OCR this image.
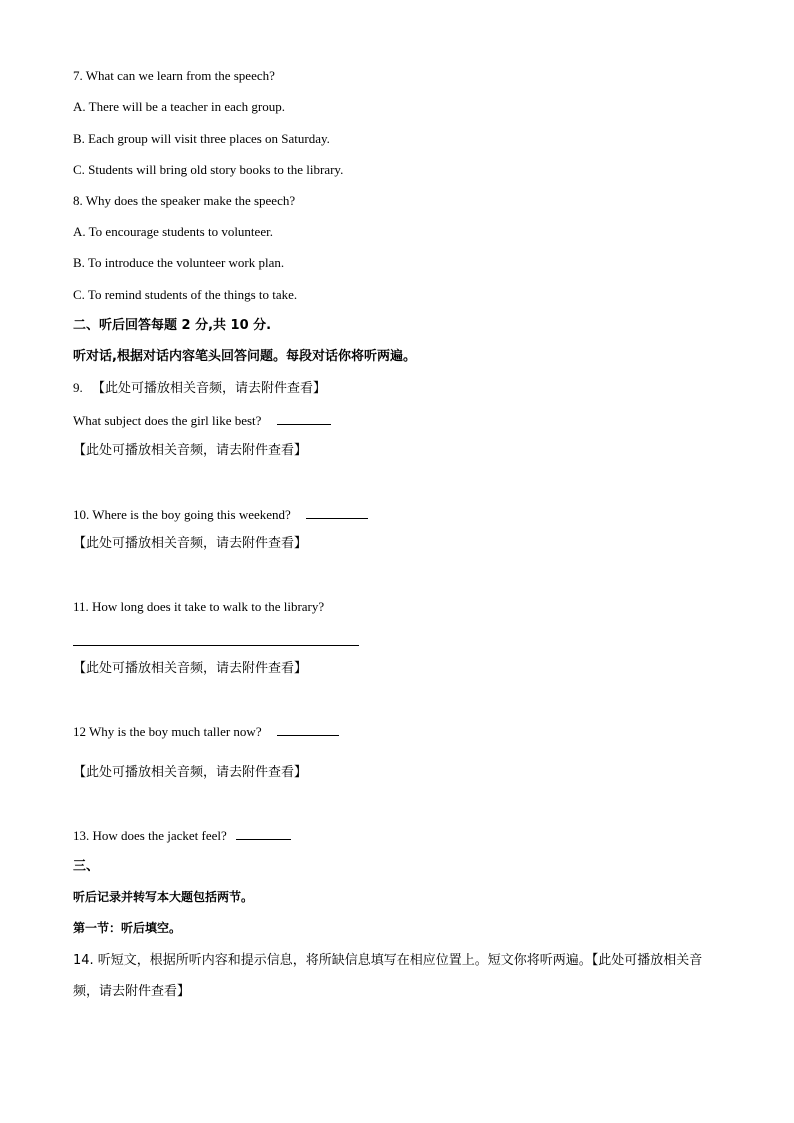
7. What can we learn from the speech?
A. There will be a teacher in each group.
B. Each group will visit three places on Saturday.
C. Students will bring old story books to the library.
8. Why does the speaker make the speech?
A. To encourage students to volunteer.
B. To introduce the volunteer work plan.
C. To remind students of the things to take.
二、听后回答每题 2 分,共 10 分.
听对话,根据对话内容笔头回答问题。每段对话你将听两遍。
9. 【此处可播放相关音频，请去附件查看】
What subject does the girl like best?
【此处可播放相关音频，请去附件查看】
10. Where is the boy going this weekend?
【此处可播放相关音频，请去附件查看】
11. How long does it take to walk to the library?
【此处可播放相关音频，请去附件查看】
12 Why is the boy much taller now?
【此处可播放相关音频，请去附件查看】
13. How does the jacket feel?
三、
听后记录并转写本大题包括两节。
第一节：听后填空。
14. 听短文，根据所听内容和提示信息，将所缺信息填写在相应位置上。短文你将听两遍。【此处可播放相关音频，请去附件查看】
